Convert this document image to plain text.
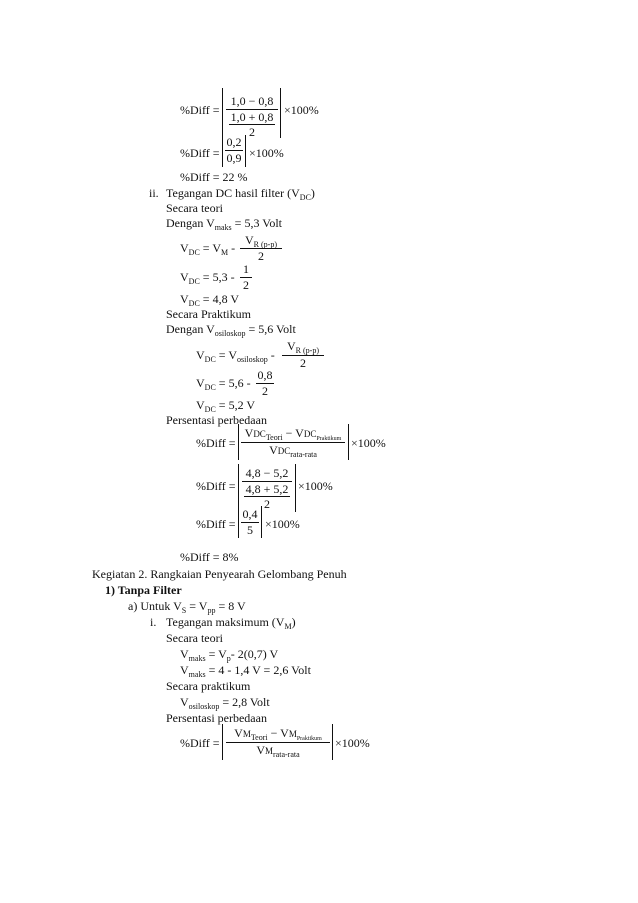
%Diff =
1,0 − 0,8
1,0 + 0,8
2
×100%
%Diff =
0,2
0,9 ×100%
%Diff = 22 %
ii. Tegangan DC hasil filter $(V_{DC})$
Secara teori
Dengan $V_{maks} = 5,3$ Volt
$V_{DC} = V_M$ -
$V_{R (p-p)}$
2
$V_{DC} = 5,3$ -
1
2
$V_{DC} = 4,8$ V
Secara Praktikum
Dengan $V_{osiloskop} = 5,6$ Volt
$V_{DC} = V_{osiloskop}$ -
$V_{R (p-p)}$
2
$V_{DC} = 5,6$ -
0,8
2
$V_{DC} = 5,2$ V
Persentasi perbedaan
%Diff =
$VDC_{Teori} - VDC_{Praktikum}$
$VDC_{rata-rata}$
×100%
%Diff =
4,8 − 5,2
4,8 + 5,2
2
×100%
%Diff =
0,4
5	×100%
%Diff = 8%
Kegiatan 2. Rangkaian Penyearah Gelombang Penuh
1) Tanpa Filter
a) Untuk $V_S = V_{pp} = 8$ V
i. Tegangan maksimum $(V_M)$
Secara teori
$V_{maks} = V_p-$ 2(0,7) V
$V_{maks} = 4 - 1,4$ V = 2,6 Volt
Secara praktikum
$V_{osiloskop} = 2,8$ Volt
Persentasi perbedaan
%Diff =
$VM_{Teori} - VM_{Praktikum}$
$VM_{rata-rata}$
×100%
